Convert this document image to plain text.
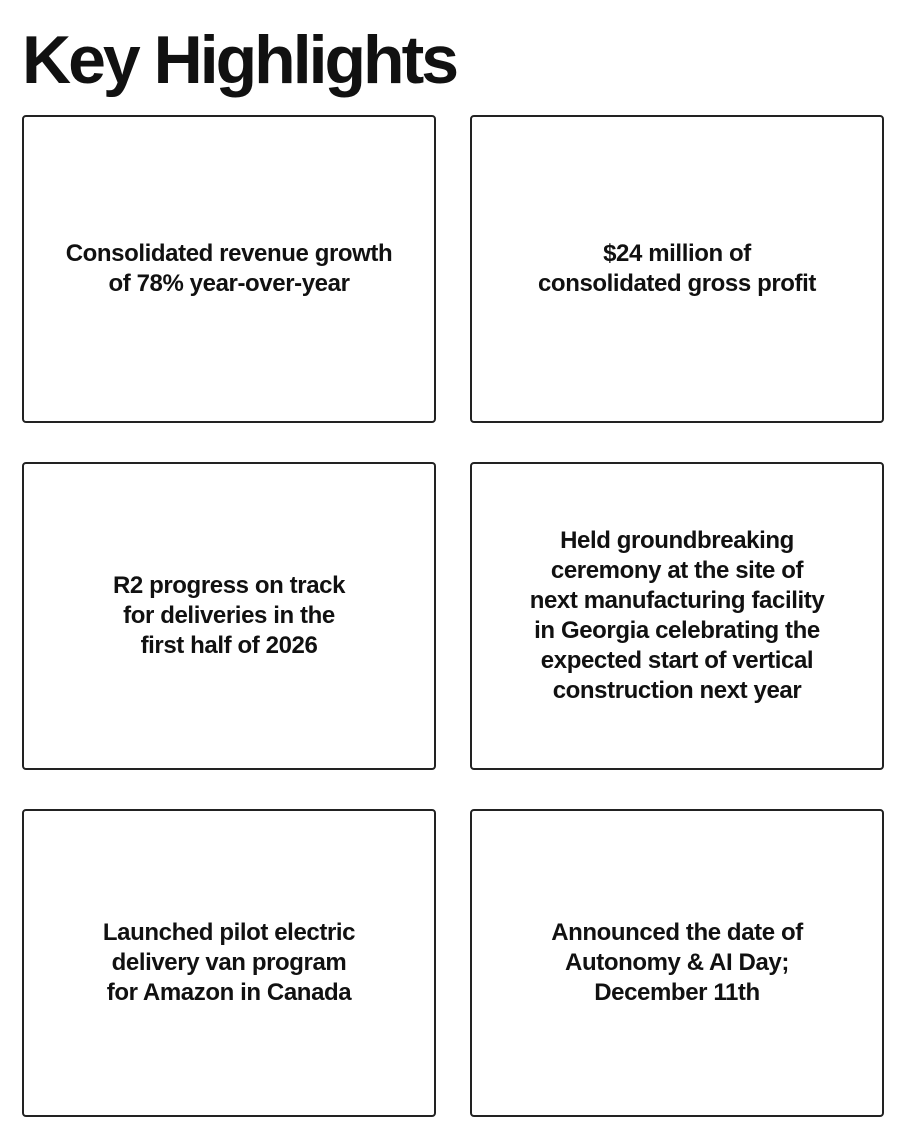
Key Highlights

Consolidated revenue growth
of 78% year-over-year

$24 million of
consolidated gross profit

R2 progress on track
for deliveries in the
first half of 2026

Held groundbreaking
ceremony at the site of
next manufacturing facility
in Georgia celebrating the
expected start of vertical
construction next year

Launched pilot electric
delivery van program
for Amazon in Canada

Announced the date of
Autonomy & AI Day;
December 11th
